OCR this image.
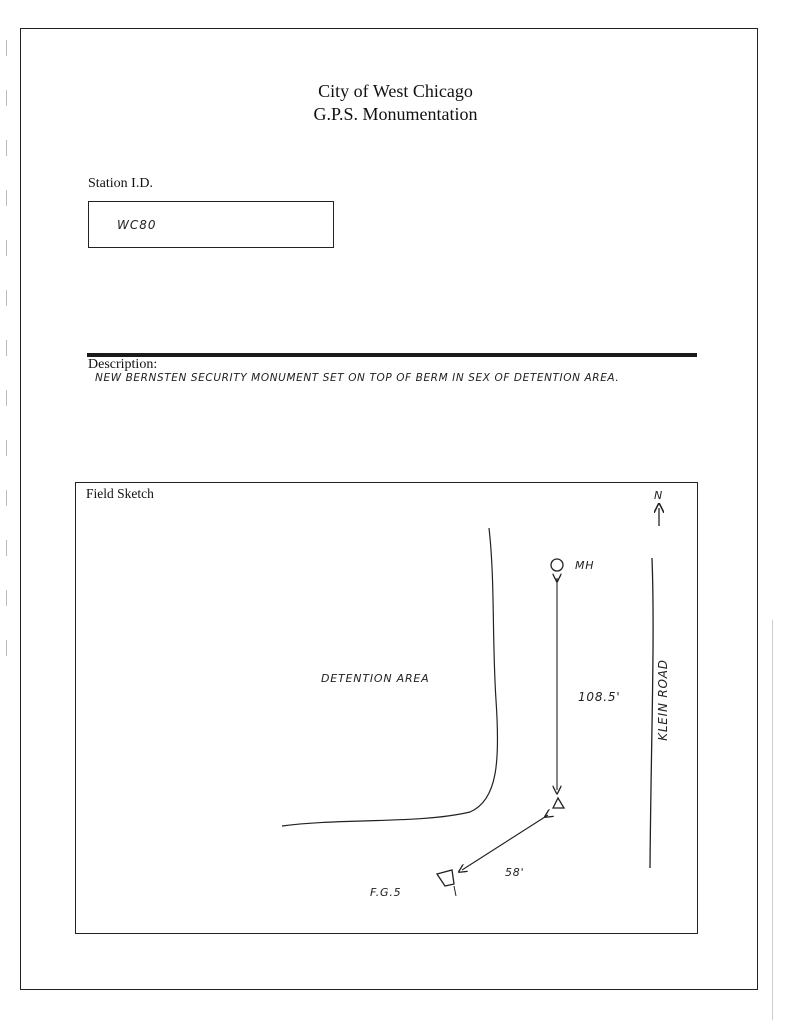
City of West Chicago
G.P.S. Monumentation
Station I.D.
WC80
Description:
NEW BERNSTEN SECURITY MONUMENT SET ON TOP OF BERM IN SEX OF DETENTION AREA.
Field Sketch	N
MH
DETENTION AREA
108.5'	KLEIN ROAD
58'
F.G.5
